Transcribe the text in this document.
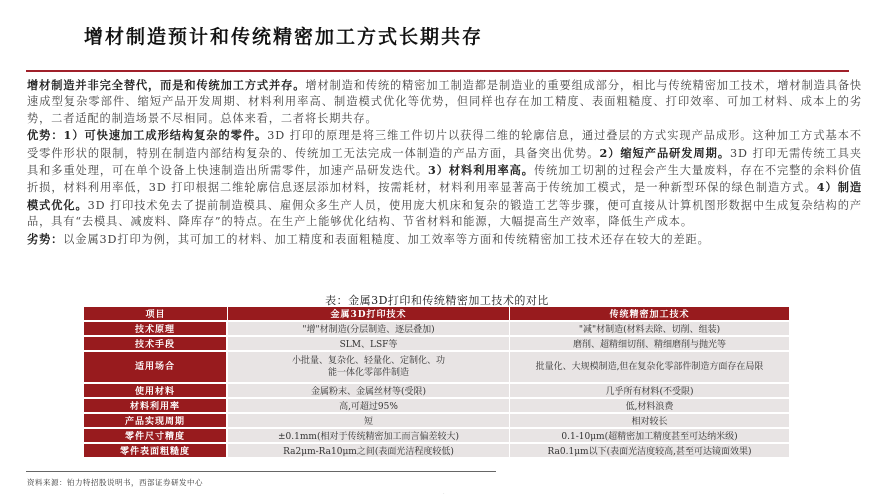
增材制造预计和传统精密加工方式长期共存

增材制造并非完全替代，而是和传统加工方式并存。增材制造和传统的精密加工制造都是制造业的重要组成部分，相比与传统精密加工技术，增材制造具备快速成型复杂零部件、缩短产品开发周期、材料利用率高、制造模式优化等优势，但同样也存在加工精度、表面粗糙度、打印效率、可加工材料、成本上的劣势，二者适配的制造场景不尽相同。总体来看，二者将长期共存。

优势：1）可快速加工成形结构复杂的零件。3D 打印的原理是将三维工件切片以获得二维的轮廓信息，通过叠层的方式实现产品成形。这种加工方式基本不受零件形状的限制，特别在制造内部结构复杂的、传统加工无法完成一体制造的产品方面，具备突出优势。2）缩短产品研发周期。3D 打印无需传统工具夹具和多重处理，可在单个设备上快速制造出所需零件，加速产品研发迭代。3）材料利用率高。传统加工切割的过程会产生大量废料，存在不完整的余料价值折损，材料利用率低，3D 打印根据二维轮廓信息逐层添加材料，按需耗材，材料利用率显著高于传统加工模式，是一种新型环保的绿色制造方式。4）制造模式优化。3D 打印技术免去了提前制造模具、雇佣众多生产人员，使用庞大机床和复杂的锻造工艺等步骤，便可直接从计算机图形数据中生成复杂结构的产品，具有“去模具、减废料、降库存”的特点。在生产上能够优化结构、节省材料和能源，大幅提高生产效率，降低生产成本。

劣势：以金属3D打印为例，其可加工的材料、加工精度和表面粗糙度、加工效率等方面和传统精密加工技术还存在较大的差距。

表：金属3D打印和传统精密加工技术的对比
项目	金属3D打印技术	传统精密加工技术
技术原理	"增"材制造(分层制造、逐层叠加)	"减"材制造(材料去除、切削、组装)
技术手段	SLM、LSF等	磨削、超精细切削、精细磨削与抛光等
适用场合	小批量、复杂化、轻量化、定制化、功能一体化零部件制造	批量化、大规模制造,但在复杂化零部件制造方面存在局限
使用材料	金属粉末、金属丝材等(受限)	几乎所有材料(不受限)
材料利用率	高,可超过95%	低,材料浪费
产品实现周期	短	相对较长
零件尺寸精度	±0.1mm(相对于传统精密加工而言偏差较大)	0.1-10μm(超精密加工精度甚至可达纳米级)
零件表面粗糙度	Ra2μm-Ra10μm之间(表面光洁程度较低)	Ra0.1μm以下(表面光洁度较高,甚至可达镜面效果)
资料来源：铂力特招股说明书，西部证券研发中心
·
